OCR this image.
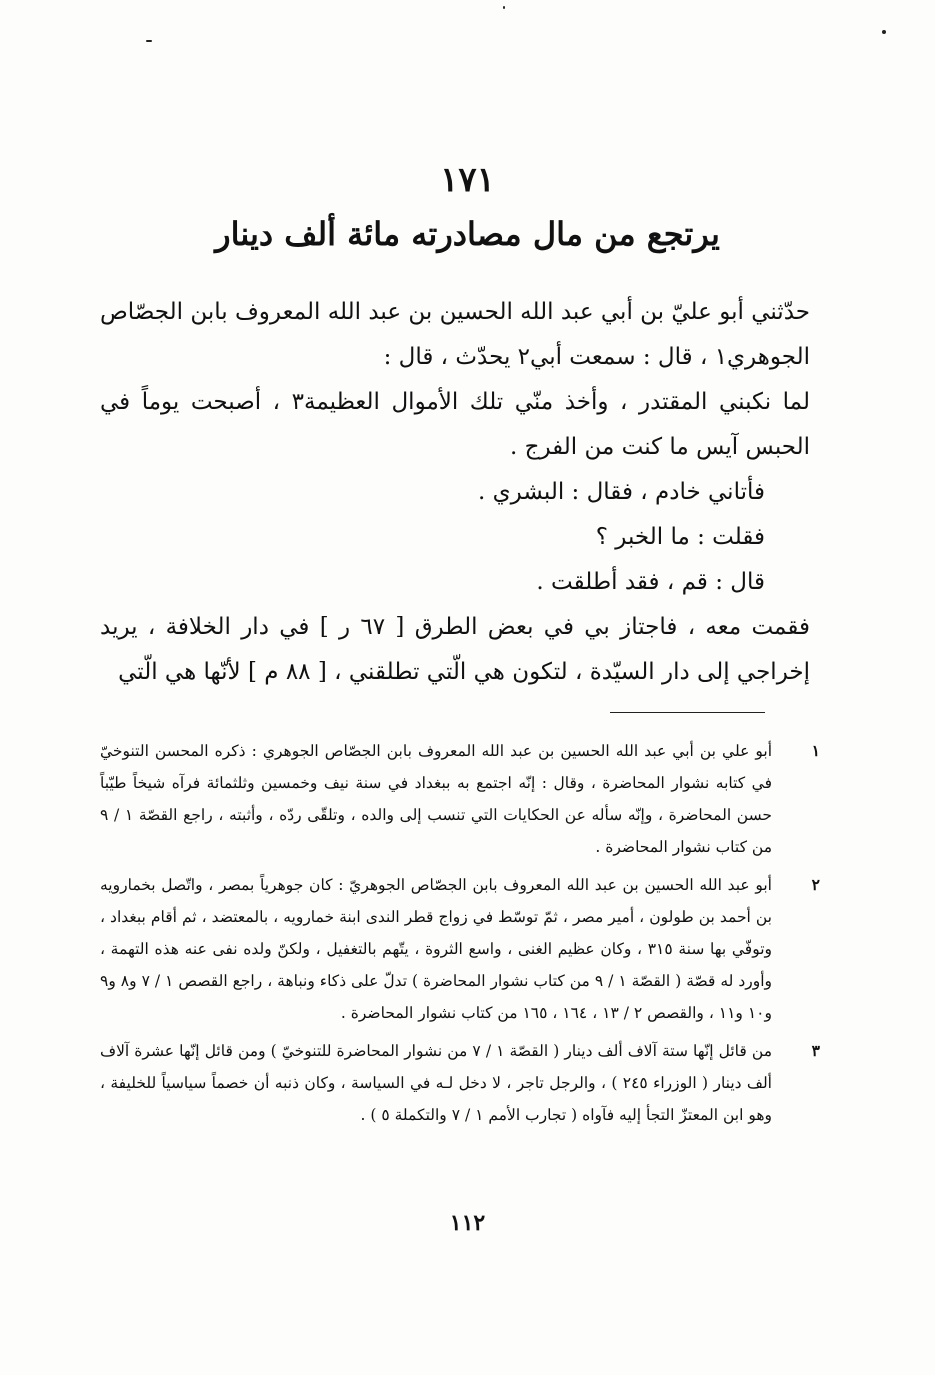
١٧١
يرتجع من مال مصادرته مائة ألف دينار

حدّثني أبو عليّ بن أبي عبد الله الحسين بن عبد الله المعروف بابن الجصّاص الجوهري١ ، قال : سمعت أبي٢ يحدّث ، قال :

لما نكبني المقتدر ، وأخذ منّي تلك الأموال العظيمة٣ ، أصبحت يوماً في الحبس آيس ما كنت من الفرج .

فأتاني خادم ، فقال : البشري .

فقلت : ما الخبر ؟

قال : قم ، فقد أطلقت .

فقمت معه ، فاجتاز بي في بعض الطرق [ ٦٧ ر ] في دار الخلافة ، يريد إخراجي إلى دار السيّدة ، لتكون هي الّتي تطلقني ، [ ٨٨ م ] لأنّها هي الّتي

١
أبو علي بن أبي عبد الله الحسين بن عبد الله المعروف بابن الجصّاص الجوهري : ذكره المحسن التنوخيّ في كتابه نشوار المحاضرة ، وقال : إنّه اجتمع به ببغداد في سنة نيف وخمسين وثلثمائة فرآه شيخاً طيّباً حسن المحاضرة ، وإنّه سأله عن الحكايات التي تنسب إلى والده ، وتلقّى ردّه ، وأثبته ، راجع القصّة ١ / ٩ من كتاب نشوار المحاضرة .
٢
أبو عبد الله الحسين بن عبد الله المعروف بابن الجصّاص الجوهريّ : كان جوهرياً بمصر ، واتّصل بخمارويه بن أحمد بن طولون ، أمير مصر ، ثمّ توسّط في زواج قطر الندى ابنة خمارويه ، بالمعتضد ، ثم أقام ببغداد ، وتوفّي بها سنة ٣١٥ ، وكان عظيم الغنى ، واسع الثروة ، يتّهم بالتغفيل ، ولكنّ ولده نفى عنه هذه التهمة ، وأورد له قصّة ( القصّة ١ / ٩ من كتاب نشوار المحاضرة ) تدلّ على ذكاء ونباهة ، راجع القصص ١ / ٧ و٨ و٩ و١٠ و١١ ، والقصص ٢ / ١٣ ، ١٦٤ ، ١٦٥ من كتاب نشوار المحاضرة .
٣
من قائل إنّها ستة آلاف ألف دينار ( القصّة ١ / ٧ من نشوار المحاضرة للتنوخيّ ) ومن قائل إنّها عشرة آلاف ألف دينار ( الوزراء ٢٤٥ ) ، والرجل تاجر ، لا دخل لـه في السياسة ، وكان ذنبه أن خصماً سياسياً للخليفة ، وهو ابن المعتزّ التجأ إليه فآواه ( تجارب الأمم ١ / ٧ والتكملة ٥ ) .
١١٢
